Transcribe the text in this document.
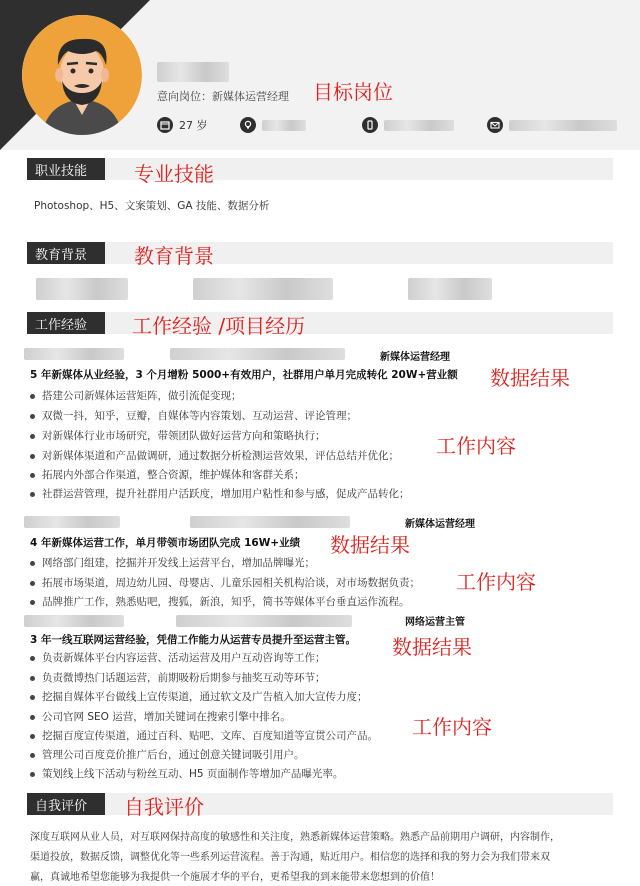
意向岗位：新媒体运营经理 目标岗位
27 岁
职业技能	专业技能
Photoshop、H5、文案策划、GA 技能、数据分析
教育背景	教育背景
工作经验	工作经验 /项目经历
新媒体运营经理
5 年新媒体从业经验，3 个月增粉 5000+有效用户，社群用户单月完成转化 20W+营业额 数据结果
搭建公司新媒体运营矩阵，做引流促变现；
双微一抖，知乎，豆瓣，自媒体等内容策划、互动运营、评论管理；
对新媒体行业市场研究，带领团队做好运营方向和策略执行；
对新媒体渠道和产品做调研，通过数据分析检测运营效果，评估总结并优化；
拓展内外部合作渠道，整合资源，维护媒体和客群关系；
社群运营管理，提升社群用户活跃度，增加用户粘性和参与感，促成产品转化；
工作内容
新媒体运营经理
4 年新媒体运营工作，单月带领市场团队完成 16W+业绩 数据结果
网络部门组建，挖掘并开发线上运营平台，增加品牌曝光；
拓展市场渠道，周边幼儿园、母婴店、儿童乐园相关机构洽谈，对市场数据负责；
品牌推广工作，熟悉贴吧，搜狐，新浪，知乎，简书等媒体平台垂直运作流程。
工作内容
网络运营主管
3 年一线互联网运营经验，凭借工作能力从运营专员提升至运营主管。 数据结果
负责新媒体平台内容运营、活动运营及用户互动咨询等工作；
负责微博热门话题运营，前期吸粉后期参与抽奖互动等环节；
挖掘自媒体平台做线上宣传渠道，通过软文及广告植入加大宣传力度；
公司官网 SEO 运营，增加关键词在搜索引擎中排名。
挖掘百度宣传渠道，通过百科、贴吧、文库、百度知道等宣贯公司产品。
管理公司百度竞价推广后台，通过创意关键词吸引用户。
策划线上线下活动与粉丝互动、H5 页面制作等增加产品曝光率。
工作内容
自我评价	自我评价
深度互联网从业人员，对互联网保持高度的敏感性和关注度，熟悉新媒体运营策略。熟悉产品前期用户调研，内容制作，
渠道投放，数据反馈，调整优化等一些系列运营流程。善于沟通，贴近用户。相信您的选择和我的努力会为我们带来双
赢，真诚地希望您能够为我提供一个施展才华的平台，更希望我的到来能带来您想到的价值！
